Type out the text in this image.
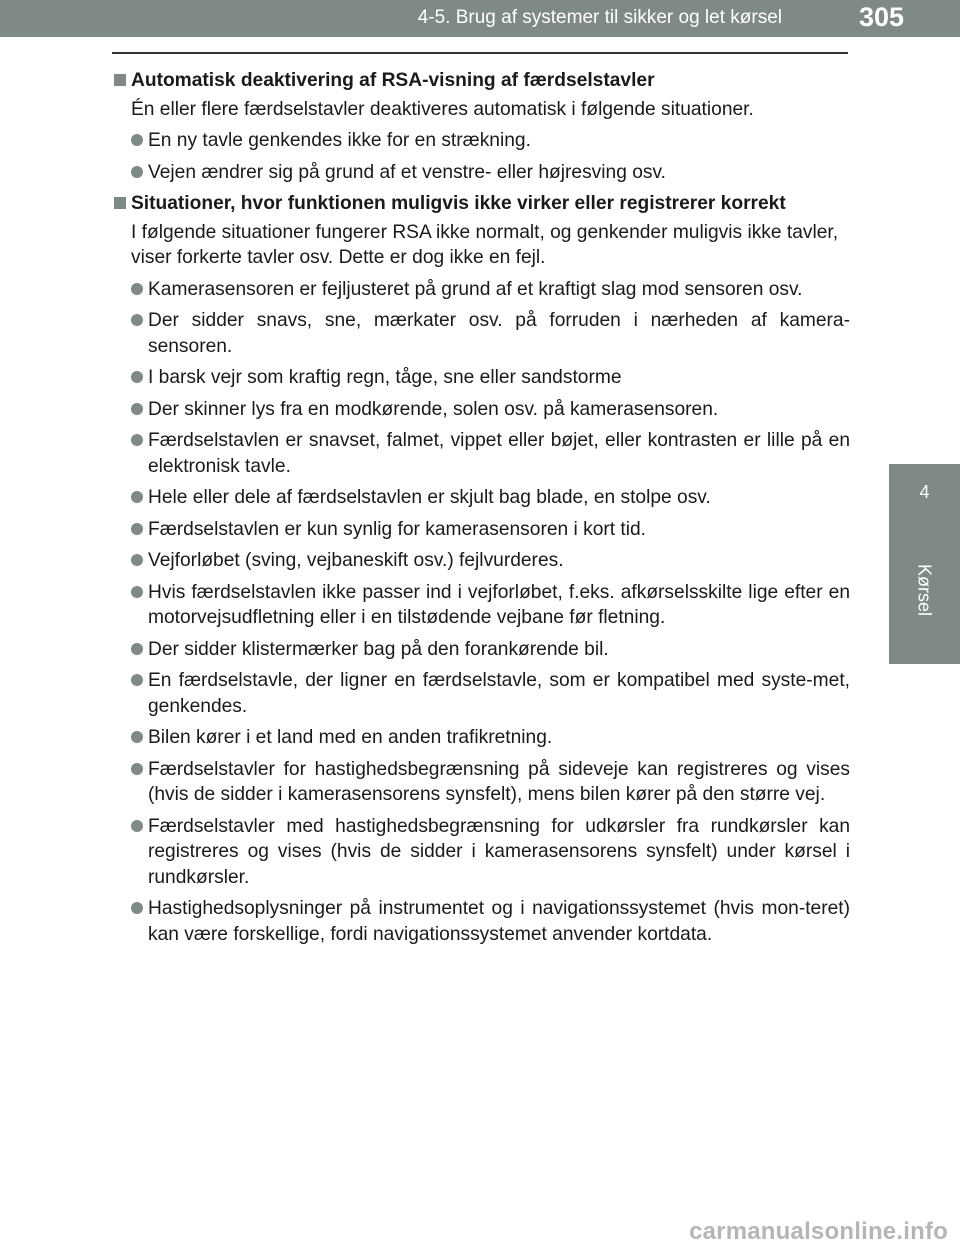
4-5. Brug af systemer til sikker og let kørsel	305
4
Kørsel
Automatisk deaktivering af RSA-visning af færdselstavler
Én eller flere færdselstavler deaktiveres automatisk i følgende situationer.
En ny tavle genkendes ikke for en strækning.
Vejen ændrer sig på grund af et venstre- eller højresving osv.
Situationer, hvor funktionen muligvis ikke virker eller registrerer korrekt
I følgende situationer fungerer RSA ikke normalt, og genkender muligvis ikke tavler, viser forkerte tavler osv. Dette er dog ikke en fejl.
Kamerasensoren er fejljusteret på grund af et kraftigt slag mod sensoren osv.
Der sidder snavs, sne, mærkater osv. på forruden i nærheden af kamera-sensoren.
I barsk vejr som kraftig regn, tåge, sne eller sandstorme
Der skinner lys fra en modkørende, solen osv. på kamerasensoren.
Færdselstavlen er snavset, falmet, vippet eller bøjet, eller kontrasten er lille på en elektronisk tavle.
Hele eller dele af færdselstavlen er skjult bag blade, en stolpe osv.
Færdselstavlen er kun synlig for kamerasensoren i kort tid.
Vejforløbet (sving, vejbaneskift osv.) fejlvurderes.
Hvis færdselstavlen ikke passer ind i vejforløbet, f.eks. afkørselsskilte lige efter en motorvejsudfletning eller i en tilstødende vejbane før fletning.
Der sidder klistermærker bag på den forankørende bil.
En færdselstavle, der ligner en færdselstavle, som er kompatibel med syste-met, genkendes.
Bilen kører i et land med en anden trafikretning.
Færdselstavler for hastighedsbegrænsning på sideveje kan registreres og vises (hvis de sidder i kamerasensorens synsfelt), mens bilen kører på den større vej.
Færdselstavler med hastighedsbegrænsning for udkørsler fra rundkørsler kan registreres og vises (hvis de sidder i kamerasensorens synsfelt) under kørsel i rundkørsler.
Hastighedsoplysninger på instrumentet og i navigationssystemet (hvis mon-teret) kan være forskellige, fordi navigationssystemet anvender kortdata.
carmanualsonline.info
